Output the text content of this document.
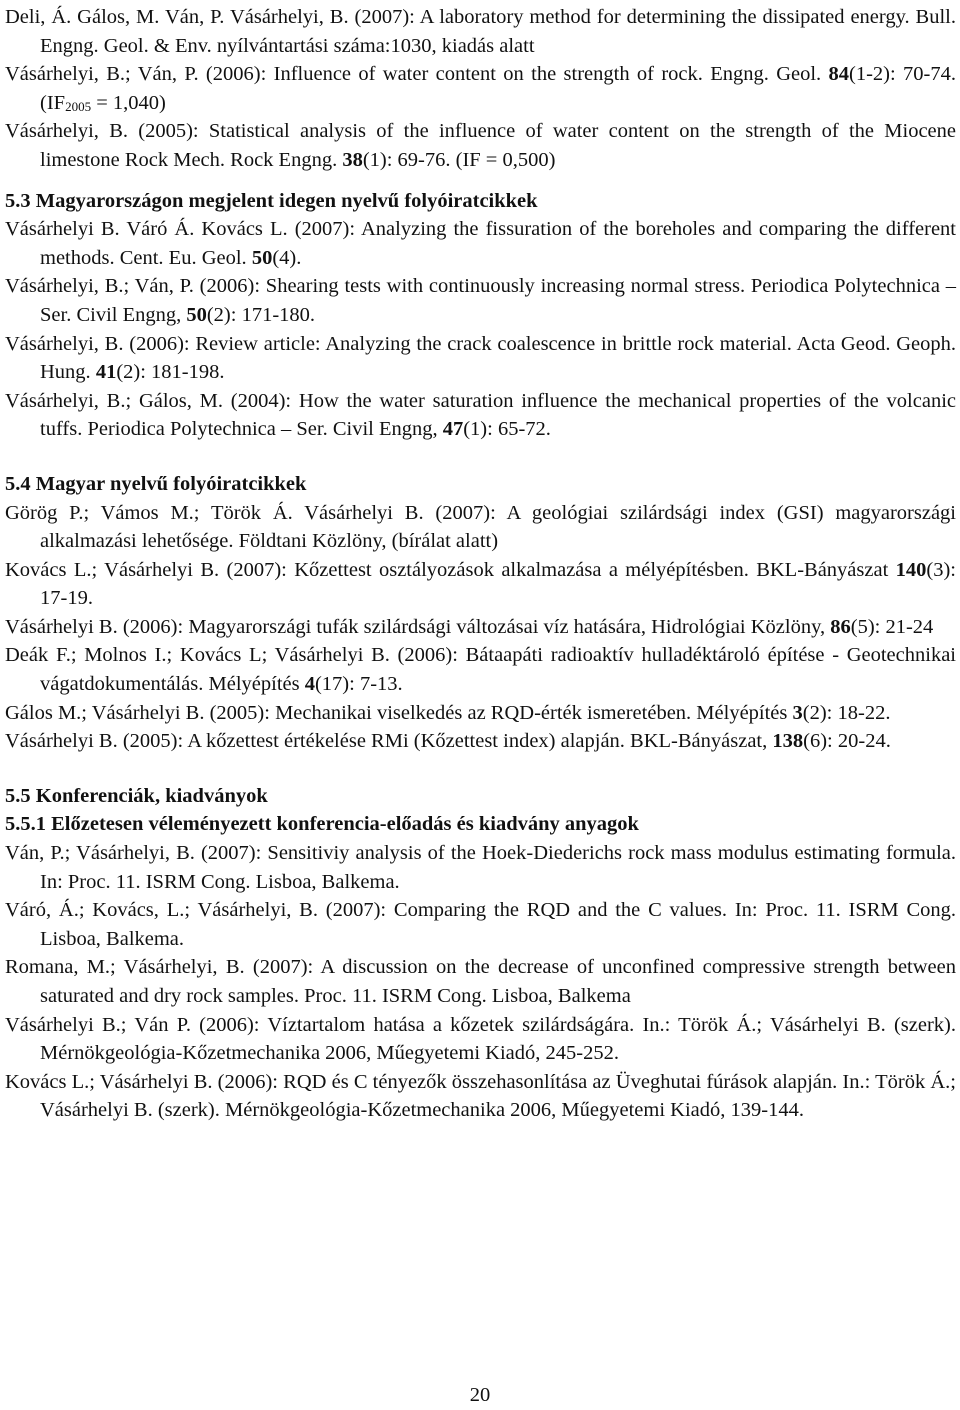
Deli, Á. Gálos, M. Ván, P. Vásárhelyi, B. (2007): A laboratory method for determining the dissipated energy. Bull. Engng. Geol. & Env. nyílvántartási száma:1030, kiadás alatt

Vásárhelyi, B.; Ván, P. (2006): Influence of water content on the strength of rock. Engng. Geol. 84(1-2): 70-74. $(IF_{2005} = 1,040)$

Vásárhelyi, B. (2005): Statistical analysis of the influence of water content on the strength of the Miocene limestone Rock Mech. Rock Engng. 38(1): 69-76. (IF = 0,500)

5.3 Magyarországon megjelent idegen nyelvű folyóiratcikkek

Vásárhelyi B. Váró Á. Kovács L. (2007): Analyzing the fissuration of the boreholes and comparing the different methods. Cent. Eu. Geol. 50(4).

Vásárhelyi, B.; Ván, P. (2006): Shearing tests with continuously increasing normal stress. Periodica Polytechnica – Ser. Civil Engng, 50(2): 171-180.

Vásárhelyi, B. (2006): Review article: Analyzing the crack coalescence in brittle rock material. Acta Geod. Geoph. Hung. 41(2): 181-198.

Vásárhelyi, B.; Gálos, M. (2004): How the water saturation influence the mechanical properties of the volcanic tuffs. Periodica Polytechnica – Ser. Civil Engng, 47(1): 65-72.

5.4 Magyar nyelvű folyóiratcikkek

Görög P.; Vámos M.; Török Á. Vásárhelyi B. (2007): A geológiai szilárdsági index (GSI) magyarországi alkalmazási lehetősége. Földtani Közlöny, (bírálat alatt)

Kovács L.; Vásárhelyi B. (2007): Kőzettest osztályozások alkalmazása a mélyépítésben. BKL-Bányászat 140(3): 17-19.

Vásárhelyi B. (2006): Magyarországi tufák szilárdsági változásai víz hatására, Hidrológiai Közlöny, 86(5): 21-24

Deák F.; Molnos I.; Kovács L; Vásárhelyi B. (2006): Bátaapáti radioaktív hulladéktároló építése - Geotechnikai vágatdokumentálás. Mélyépítés 4(17): 7-13.

Gálos M.; Vásárhelyi B. (2005): Mechanikai viselkedés az RQD-érték ismeretében. Mélyépítés 3(2): 18-22.

Vásárhelyi B. (2005): A kőzettest értékelése RMi (Kőzettest index) alapján. BKL-Bányászat, 138(6): 20-24.

5.5 Konferenciák, kiadványok

5.5.1 Előzetesen véleményezett konferencia-előadás és kiadvány anyagok

Ván, P.; Vásárhelyi, B. (2007): Sensitiviy analysis of the Hoek-Diederichs rock mass modulus estimating formula. In: Proc. 11. ISRM Cong. Lisboa, Balkema.

Váró, Á.; Kovács, L.; Vásárhelyi, B. (2007): Comparing the RQD and the C values. In: Proc. 11. ISRM Cong. Lisboa, Balkema.

Romana, M.; Vásárhelyi, B. (2007): A discussion on the decrease of unconfined compressive strength between saturated and dry rock samples. Proc. 11. ISRM Cong. Lisboa, Balkema

Vásárhelyi B.; Ván P. (2006): Víztartalom hatása a kőzetek szilárdságára. In.: Török Á.; Vásárhelyi B. (szerk). Mérnökgeológia-Kőzetmechanika 2006, Műegyetemi Kiadó, 245-252.

Kovács L.; Vásárhelyi B. (2006): RQD és C tényezők összehasonlítása az Üveghutai fúrások alapján. In.: Török Á.; Vásárhelyi B. (szerk). Mérnökgeológia-Kőzetmechanika 2006, Műegyetemi Kiadó, 139-144.

20
